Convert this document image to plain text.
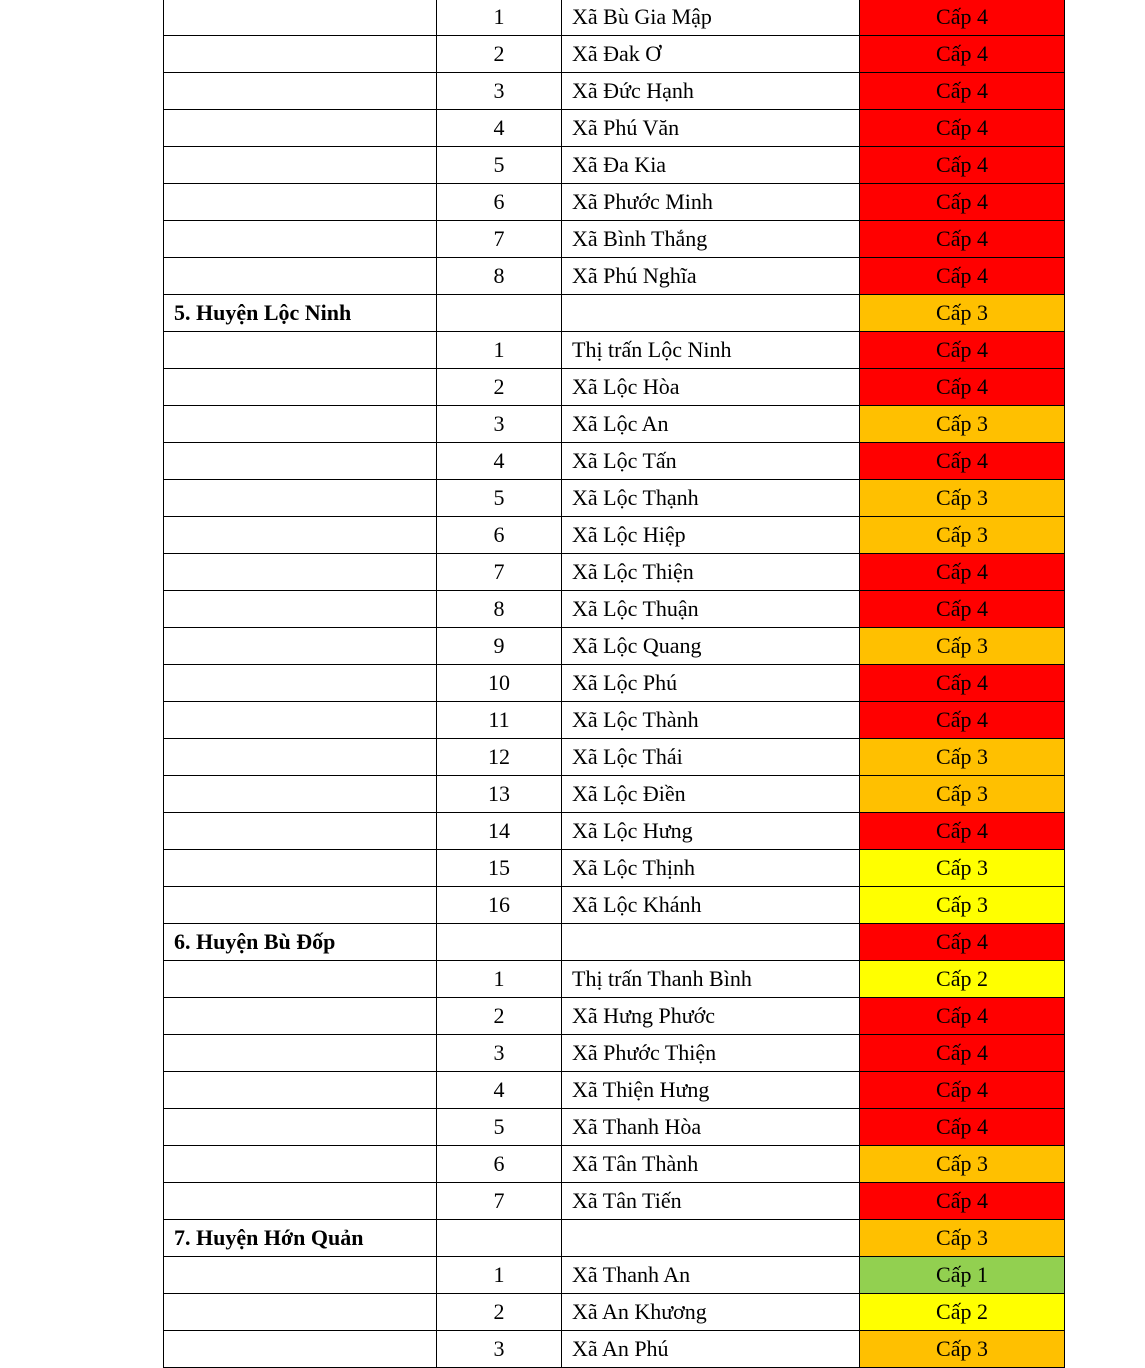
	1	Xã Bù Gia Mập	Cấp 4
	2	Xã Đak Ơ	Cấp 4
	3	Xã Đức Hạnh	Cấp 4
	4	Xã Phú Văn	Cấp 4
	5	Xã Đa Kia	Cấp 4
	6	Xã Phước Minh	Cấp 4
	7	Xã Bình Thắng	Cấp 4
	8	Xã Phú Nghĩa	Cấp 4
5. Huyện Lộc Ninh			Cấp 3
	1	Thị trấn Lộc Ninh	Cấp 4
	2	Xã Lộc Hòa	Cấp 4
	3	Xã Lộc An	Cấp 3
	4	Xã Lộc Tấn	Cấp 4
	5	Xã Lộc Thạnh	Cấp 3
	6	Xã Lộc Hiệp	Cấp 3
	7	Xã Lộc Thiện	Cấp 4
	8	Xã Lộc Thuận	Cấp 4
	9	Xã Lộc Quang	Cấp 3
	10	Xã Lộc Phú	Cấp 4
	11	Xã Lộc Thành	Cấp 4
	12	Xã Lộc Thái	Cấp 3
	13	Xã Lộc Điền	Cấp 3
	14	Xã Lộc Hưng	Cấp 4
	15	Xã Lộc Thịnh	Cấp 3
	16	Xã Lộc Khánh	Cấp 3
6. Huyện Bù Đốp			Cấp 4
	1	Thị trấn Thanh Bình	Cấp 2
	2	Xã Hưng Phước	Cấp 4
	3	Xã Phước Thiện	Cấp 4
	4	Xã Thiện Hưng	Cấp 4
	5	Xã Thanh Hòa	Cấp 4
	6	Xã Tân Thành	Cấp 3
	7	Xã Tân Tiến	Cấp 4
7. Huyện Hớn Quản			Cấp 3
	1	Xã Thanh An	Cấp 1
	2	Xã An Khương	Cấp 2
	3	Xã An Phú	Cấp 3
